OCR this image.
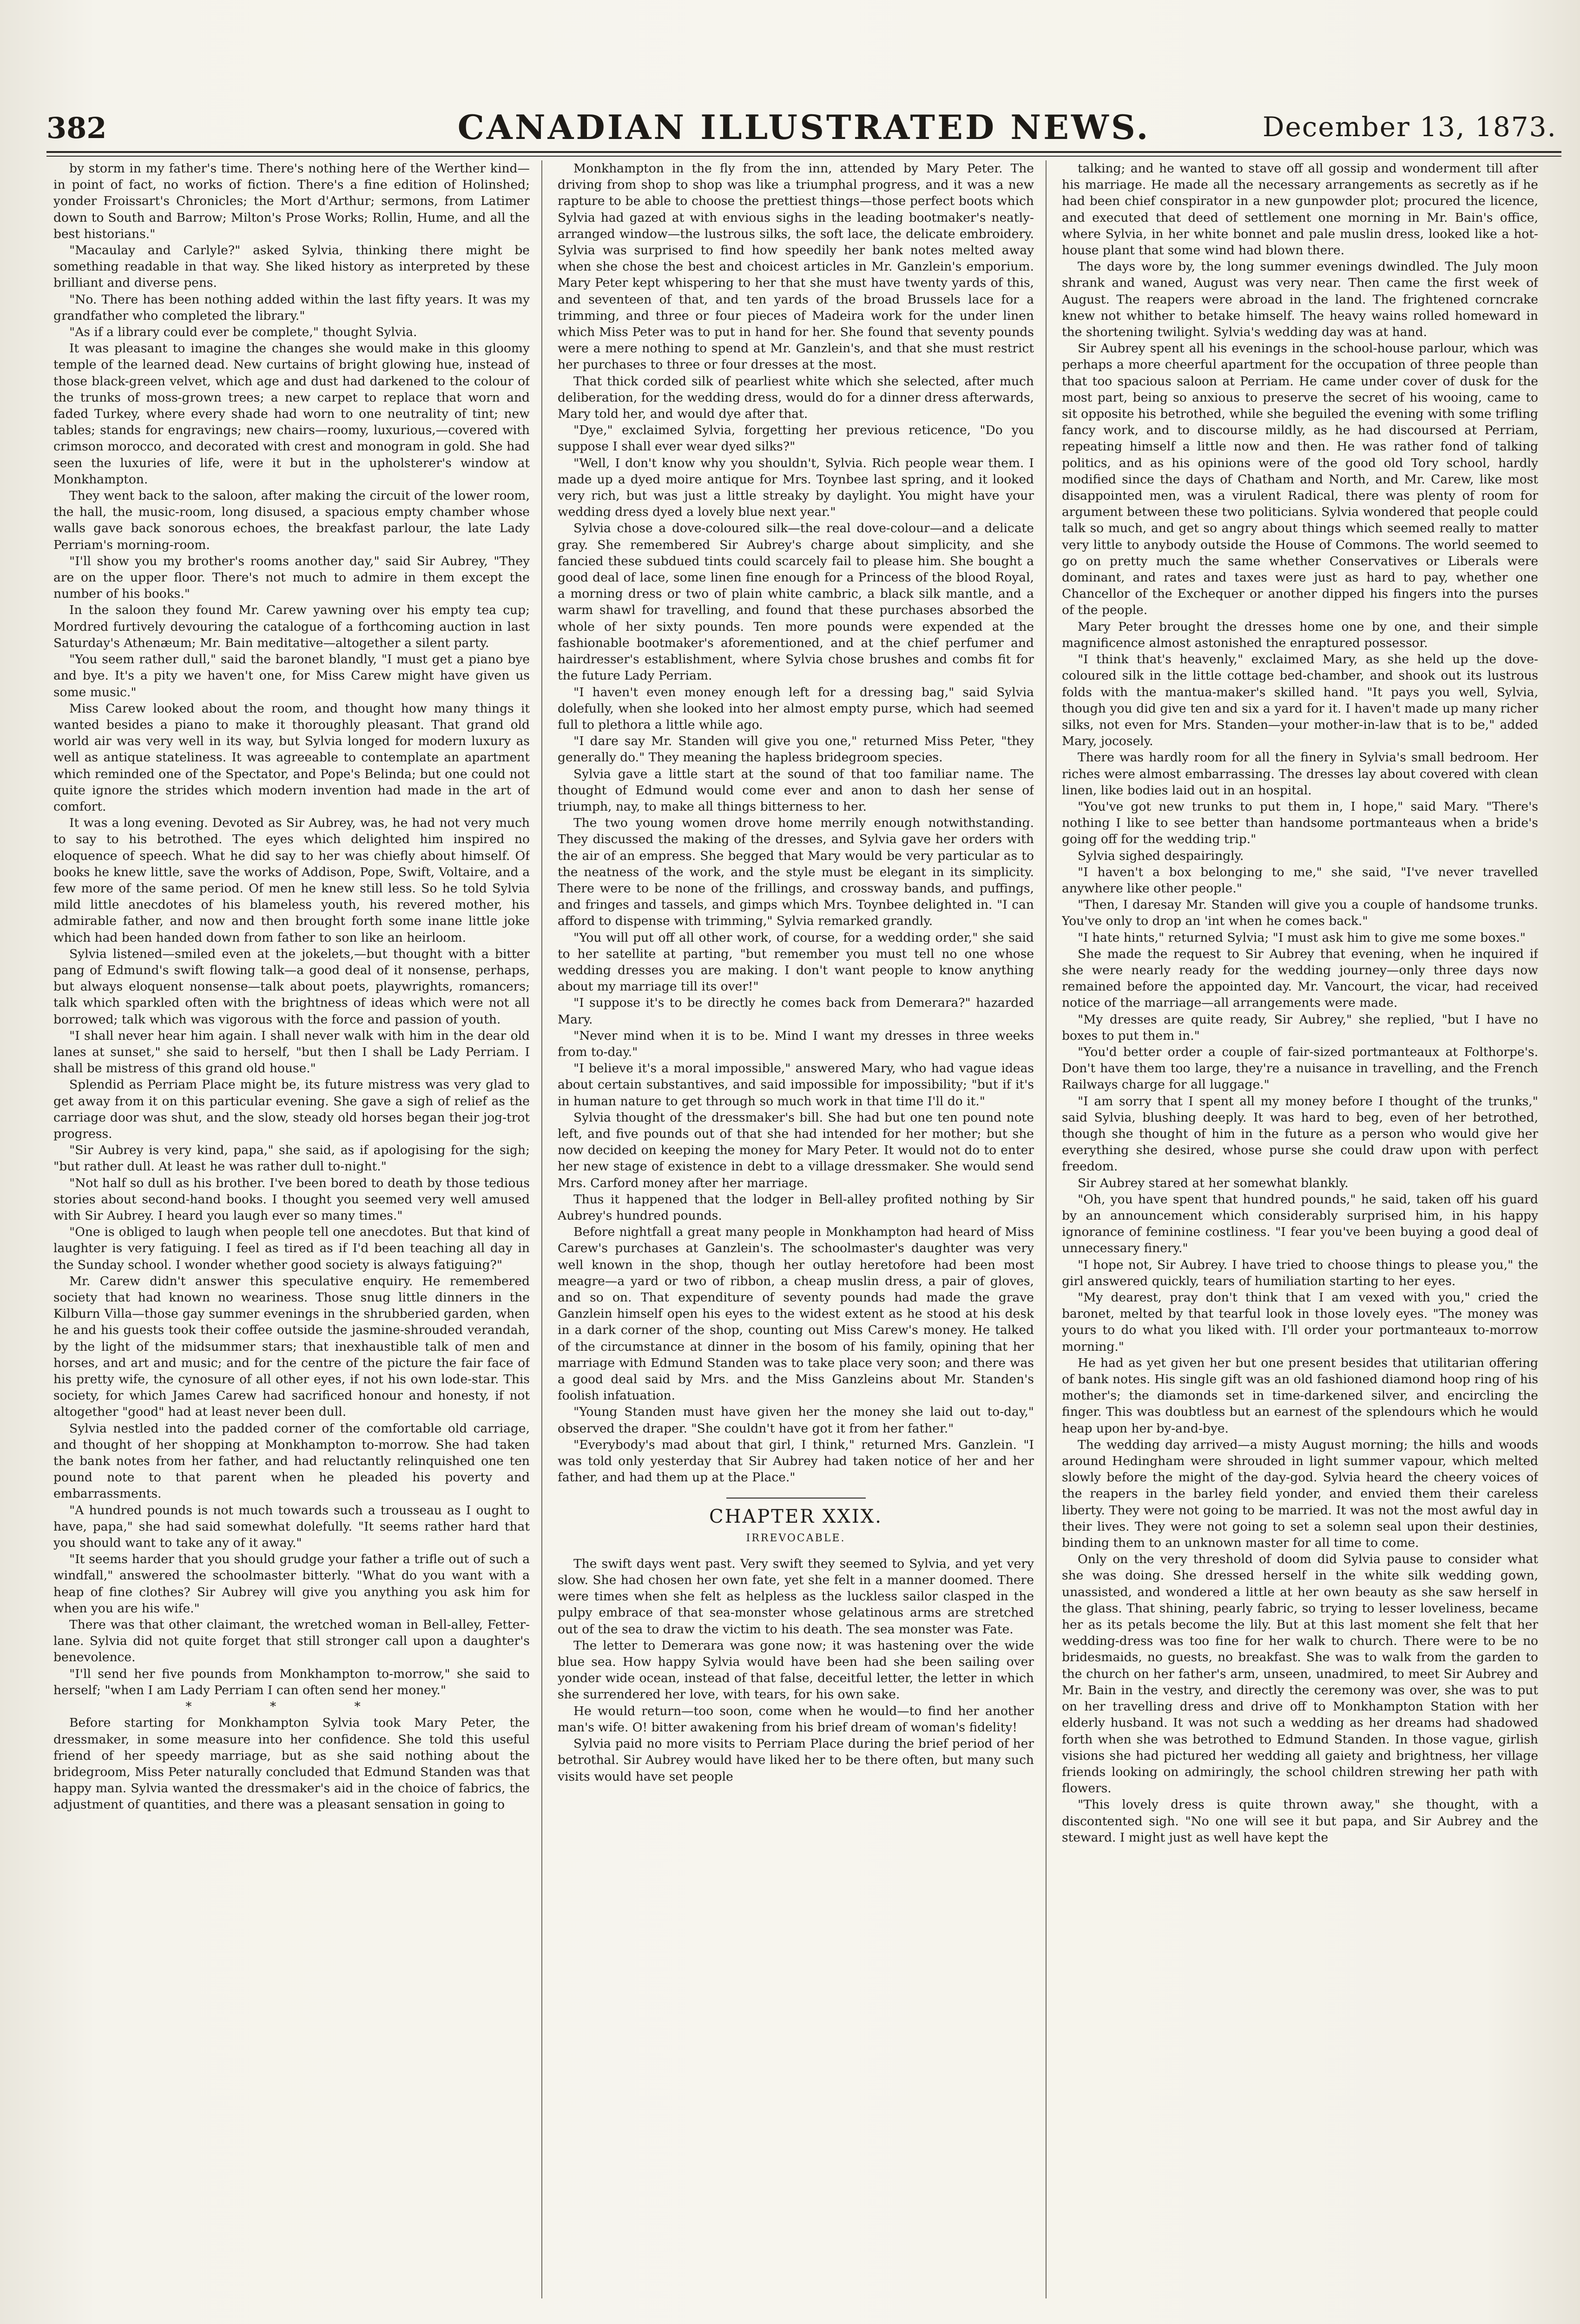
382	CANADIAN ILLUSTRATED NEWS.	December 13, 1873.

by storm in my father's time. There's nothing here of the Werther kind—in point of fact, no works of fiction. There's a fine edition of Holinshed; yonder Froissart's Chronicles; the Mort d'Arthur; sermons, from Latimer down to South and Barrow; Milton's Prose Works; Rollin, Hume, and all the best historians."

"Macaulay and Carlyle?" asked Sylvia, thinking there might be something readable in that way. She liked history as interpreted by these brilliant and diverse pens.

"No. There has been nothing added within the last fifty years. It was my grandfather who completed the library."

"As if a library could ever be complete," thought Sylvia.

It was pleasant to imagine the changes she would make in this gloomy temple of the learned dead. New curtains of bright glowing hue, instead of those black-green velvet, which age and dust had darkened to the colour of the trunks of moss-grown trees; a new carpet to replace that worn and faded Turkey, where every shade had worn to one neutrality of tint; new tables; stands for engravings; new chairs—roomy, luxurious,—covered with crimson morocco, and decorated with crest and monogram in gold. She had seen the luxuries of life, were it but in the upholsterer's window at Monkhampton.

They went back to the saloon, after making the circuit of the lower room, the hall, the music-room, long disused, a spacious empty chamber whose walls gave back sonorous echoes, the breakfast parlour, the late Lady Perriam's morning-room.

"I'll show you my brother's rooms another day," said Sir Aubrey, "They are on the upper floor. There's not much to admire in them except the number of his books."

In the saloon they found Mr. Carew yawning over his empty tea cup; Mordred furtively devouring the catalogue of a forthcoming auction in last Saturday's Athenæum; Mr. Bain meditative—altogether a silent party.

"You seem rather dull," said the baronet blandly, "I must get a piano bye and bye. It's a pity we haven't one, for Miss Carew might have given us some music."

Miss Carew looked about the room, and thought how many things it wanted besides a piano to make it thoroughly pleasant. That grand old world air was very well in its way, but Sylvia longed for modern luxury as well as antique stateliness. It was agreeable to contemplate an apartment which reminded one of the Spectator, and Pope's Belinda; but one could not quite ignore the strides which modern invention had made in the art of comfort.

It was a long evening. Devoted as Sir Aubrey, was, he had not very much to say to his betrothed. The eyes which delighted him inspired no eloquence of speech. What he did say to her was chiefly about himself. Of books he knew little, save the works of Addison, Pope, Swift, Voltaire, and a few more of the same period. Of men he knew still less. So he told Sylvia mild little anecdotes of his blameless youth, his revered mother, his admirable father, and now and then brought forth some inane little joke which had been handed down from father to son like an heirloom.

Sylvia listened—smiled even at the jokelets,—but thought with a bitter pang of Edmund's swift flowing talk—a good deal of it nonsense, perhaps, but always eloquent nonsense—talk about poets, playwrights, romancers; talk which sparkled often with the brightness of ideas which were not all borrowed; talk which was vigorous with the force and passion of youth.

"I shall never hear him again. I shall never walk with him in the dear old lanes at sunset," she said to herself, "but then I shall be Lady Perriam. I shall be mistress of this grand old house."

Splendid as Perriam Place might be, its future mistress was very glad to get away from it on this particular evening. She gave a sigh of relief as the carriage door was shut, and the slow, steady old horses began their jog-trot progress.

"Sir Aubrey is very kind, papa," she said, as if apologising for the sigh; "but rather dull. At least he was rather dull to-night."

"Not half so dull as his brother. I've been bored to death by those tedious stories about second-hand books. I thought you seemed very well amused with Sir Aubrey. I heard you laugh ever so many times."

"One is obliged to laugh when people tell one anecdotes. But that kind of laughter is very fatiguing. I feel as tired as if I'd been teaching all day in the Sunday school. I wonder whether good society is always fatiguing?"

Mr. Carew didn't answer this speculative enquiry. He remembered society that had known no weariness. Those snug little dinners in the Kilburn Villa—those gay summer evenings in the shrubberied garden, when he and his guests took their coffee outside the jasmine-shrouded verandah, by the light of the midsummer stars; that inexhaustible talk of men and horses, and art and music; and for the centre of the picture the fair face of his pretty wife, the cynosure of all other eyes, if not his own lode-star. This society, for which James Carew had sacrificed honour and honesty, if not altogether "good" had at least never been dull.

Sylvia nestled into the padded corner of the comfortable old carriage, and thought of her shopping at Monkhampton to-morrow. She had taken the bank notes from her father, and had reluctantly relinquished one ten pound note to that parent when he pleaded his poverty and embarrassments.

"A hundred pounds is not much towards such a trousseau as I ought to have, papa," she had said somewhat dolefully. "It seems rather hard that you should want to take any of it away."

"It seems harder that you should grudge your father a trifle out of such a windfall," answered the schoolmaster bitterly. "What do you want with a heap of fine clothes? Sir Aubrey will give you anything you ask him for when you are his wife."

There was that other claimant, the wretched woman in Bell-alley, Fetter-lane. Sylvia did not quite forget that still stronger call upon a daughter's benevolence.

"I'll send her five pounds from Monkhampton to-morrow," she said to herself; "when I am Lady Perriam I can often send her money."

* * *

Before starting for Monkhampton Sylvia took Mary Peter, the dressmaker, in some measure into her confidence. She told this useful friend of her speedy marriage, but as she said nothing about the bridegroom, Miss Peter naturally concluded that Edmund Standen was that happy man. Sylvia wanted the dressmaker's aid in the choice of fabrics, the adjustment of quantities, and there was a pleasant sensation in going to

Monkhampton in the fly from the inn, attended by Mary Peter. The driving from shop to shop was like a triumphal progress, and it was a new rapture to be able to choose the prettiest things—those perfect boots which Sylvia had gazed at with envious sighs in the leading bootmaker's neatly-arranged window—the lustrous silks, the soft lace, the delicate embroidery. Sylvia was surprised to find how speedily her bank notes melted away when she chose the best and choicest articles in Mr. Ganzlein's emporium. Mary Peter kept whispering to her that she must have twenty yards of this, and seventeen of that, and ten yards of the broad Brussels lace for a trimming, and three or four pieces of Madeira work for the under linen which Miss Peter was to put in hand for her. She found that seventy pounds were a mere nothing to spend at Mr. Ganzlein's, and that she must restrict her purchases to three or four dresses at the most.

That thick corded silk of pearliest white which she selected, after much deliberation, for the wedding dress, would do for a dinner dress afterwards, Mary told her, and would dye after that.

"Dye," exclaimed Sylvia, forgetting her previous reticence, "Do you suppose I shall ever wear dyed silks?"

"Well, I don't know why you shouldn't, Sylvia. Rich people wear them. I made up a dyed moire antique for Mrs. Toynbee last spring, and it looked very rich, but was just a little streaky by daylight. You might have your wedding dress dyed a lovely blue next year."

Sylvia chose a dove-coloured silk—the real dove-colour—and a delicate gray. She remembered Sir Aubrey's charge about simplicity, and she fancied these subdued tints could scarcely fail to please him. She bought a good deal of lace, some linen fine enough for a Princess of the blood Royal, a morning dress or two of plain white cambric, a black silk mantle, and a warm shawl for travelling, and found that these purchases absorbed the whole of her sixty pounds. Ten more pounds were expended at the fashionable bootmaker's aforementioned, and at the chief perfumer and hairdresser's establishment, where Sylvia chose brushes and combs fit for the future Lady Perriam.

"I haven't even money enough left for a dressing bag," said Sylvia dolefully, when she looked into her almost empty purse, which had seemed full to plethora a little while ago.

"I dare say Mr. Standen will give you one," returned Miss Peter, "they generally do." They meaning the hapless bridegroom species.

Sylvia gave a little start at the sound of that too familiar name. The thought of Edmund would come ever and anon to dash her sense of triumph, nay, to make all things bitterness to her.

The two young women drove home merrily enough notwithstanding. They discussed the making of the dresses, and Sylvia gave her orders with the air of an empress. She begged that Mary would be very particular as to the neatness of the work, and the style must be elegant in its simplicity. There were to be none of the frillings, and crossway bands, and puffings, and fringes and tassels, and gimps which Mrs. Toynbee delighted in. "I can afford to dispense with trimming," Sylvia remarked grandly.

"You will put off all other work, of course, for a wedding order," she said to her satellite at parting, "but remember you must tell no one whose wedding dresses you are making. I don't want people to know anything about my marriage till its over!"

"I suppose it's to be directly he comes back from Demerara?" hazarded Mary.

"Never mind when it is to be. Mind I want my dresses in three weeks from to-day."

"I believe it's a moral impossible," answered Mary, who had vague ideas about certain substantives, and said impossible for impossibility; "but if it's in human nature to get through so much work in that time I'll do it."

Sylvia thought of the dressmaker's bill. She had but one ten pound note left, and five pounds out of that she had intended for her mother; but she now decided on keeping the money for Mary Peter. It would not do to enter her new stage of existence in debt to a village dressmaker. She would send Mrs. Carford money after her marriage.

Thus it happened that the lodger in Bell-alley profited nothing by Sir Aubrey's hundred pounds.

Before nightfall a great many people in Monkhampton had heard of Miss Carew's purchases at Ganzlein's. The schoolmaster's daughter was very well known in the shop, though her outlay heretofore had been most meagre—a yard or two of ribbon, a cheap muslin dress, a pair of gloves, and so on. That expenditure of seventy pounds had made the grave Ganzlein himself open his eyes to the widest extent as he stood at his desk in a dark corner of the shop, counting out Miss Carew's money. He talked of the circumstance at dinner in the bosom of his family, opining that her marriage with Edmund Standen was to take place very soon; and there was a good deal said by Mrs. and the Miss Ganzleins about Mr. Standen's foolish infatuation.

"Young Standen must have given her the money she laid out to-day," observed the draper. "She couldn't have got it from her father."

"Everybody's mad about that girl, I think," returned Mrs. Ganzlein. "I was told only yesterday that Sir Aubrey had taken notice of her and her father, and had them up at the Place."

CHAPTER XXIX.

IRREVOCABLE.

The swift days went past. Very swift they seemed to Sylvia, and yet very slow. She had chosen her own fate, yet she felt in a manner doomed. There were times when she felt as helpless as the luckless sailor clasped in the pulpy embrace of that sea-monster whose gelatinous arms are stretched out of the sea to draw the victim to his death. The sea monster was Fate.

The letter to Demerara was gone now; it was hastening over the wide blue sea. How happy Sylvia would have been had she been sailing over yonder wide ocean, instead of that false, deceitful letter, the letter in which she surrendered her love, with tears, for his own sake.

He would return—too soon, come when he would—to find her another man's wife. O! bitter awakening from his brief dream of woman's fidelity!

Sylvia paid no more visits to Perriam Place during the brief period of her betrothal. Sir Aubrey would have liked her to be there often, but many such visits would have set people

talking; and he wanted to stave off all gossip and wonderment till after his marriage. He made all the necessary arrangements as secretly as if he had been chief conspirator in a new gunpowder plot; procured the licence, and executed that deed of settlement one morning in Mr. Bain's office, where Sylvia, in her white bonnet and pale muslin dress, looked like a hot-house plant that some wind had blown there.

The days wore by, the long summer evenings dwindled. The July moon shrank and waned, August was very near. Then came the first week of August. The reapers were abroad in the land. The frightened corncrake knew not whither to betake himself. The heavy wains rolled homeward in the shortening twilight. Sylvia's wedding day was at hand.

Sir Aubrey spent all his evenings in the school-house parlour, which was perhaps a more cheerful apartment for the occupation of three people than that too spacious saloon at Perriam. He came under cover of dusk for the most part, being so anxious to preserve the secret of his wooing, came to sit opposite his betrothed, while she beguiled the evening with some trifling fancy work, and to discourse mildly, as he had discoursed at Perriam, repeating himself a little now and then. He was rather fond of talking politics, and as his opinions were of the good old Tory school, hardly modified since the days of Chatham and North, and Mr. Carew, like most disappointed men, was a virulent Radical, there was plenty of room for argument between these two politicians. Sylvia wondered that people could talk so much, and get so angry about things which seemed really to matter very little to anybody outside the House of Commons. The world seemed to go on pretty much the same whether Conservatives or Liberals were dominant, and rates and taxes were just as hard to pay, whether one Chancellor of the Exchequer or another dipped his fingers into the purses of the people.

Mary Peter brought the dresses home one by one, and their simple magnificence almost astonished the enraptured possessor.

"I think that's heavenly," exclaimed Mary, as she held up the dove-coloured silk in the little cottage bed-chamber, and shook out its lustrous folds with the mantua-maker's skilled hand. "It pays you well, Sylvia, though you did give ten and six a yard for it. I haven't made up many richer silks, not even for Mrs. Standen—your mother-in-law that is to be," added Mary, jocosely.

There was hardly room for all the finery in Sylvia's small bedroom. Her riches were almost embarrassing. The dresses lay about covered with clean linen, like bodies laid out in an hospital.

"You've got new trunks to put them in, I hope," said Mary. "There's nothing I like to see better than handsome portmanteaus when a bride's going off for the wedding trip."

Sylvia sighed despairingly.

"I haven't a box belonging to me," she said, "I've never travelled anywhere like other people."

"Then, I daresay Mr. Standen will give you a couple of handsome trunks. You've only to drop an 'int when he comes back."

"I hate hints," returned Sylvia; "I must ask him to give me some boxes."

She made the request to Sir Aubrey that evening, when he inquired if she were nearly ready for the wedding journey—only three days now remained before the appointed day. Mr. Vancourt, the vicar, had received notice of the marriage—all arrangements were made.

"My dresses are quite ready, Sir Aubrey," she replied, "but I have no boxes to put them in."

"You'd better order a couple of fair-sized portmanteaux at Folthorpe's. Don't have them too large, they're a nuisance in travelling, and the French Railways charge for all luggage."

"I am sorry that I spent all my money before I thought of the trunks," said Sylvia, blushing deeply. It was hard to beg, even of her betrothed, though she thought of him in the future as a person who would give her everything she desired, whose purse she could draw upon with perfect freedom.

Sir Aubrey stared at her somewhat blankly.

"Oh, you have spent that hundred pounds," he said, taken off his guard by an announcement which considerably surprised him, in his happy ignorance of feminine costliness. "I fear you've been buying a good deal of unnecessary finery."

"I hope not, Sir Aubrey. I have tried to choose things to please you," the girl answered quickly, tears of humiliation starting to her eyes.

"My dearest, pray don't think that I am vexed with you," cried the baronet, melted by that tearful look in those lovely eyes. "The money was yours to do what you liked with. I'll order your portmanteaux to-morrow morning."

He had as yet given her but one present besides that utilitarian offering of bank notes. His single gift was an old fashioned diamond hoop ring of his mother's; the diamonds set in time-darkened silver, and encircling the finger. This was doubtless but an earnest of the splendours which he would heap upon her by-and-bye.

The wedding day arrived—a misty August morning; the hills and woods around Hedingham were shrouded in light summer vapour, which melted slowly before the might of the day-god. Sylvia heard the cheery voices of the reapers in the barley field yonder, and envied them their careless liberty. They were not going to be married. It was not the most awful day in their lives. They were not going to set a solemn seal upon their destinies, binding them to an unknown master for all time to come.

Only on the very threshold of doom did Sylvia pause to consider what she was doing. She dressed herself in the white silk wedding gown, unassisted, and wondered a little at her own beauty as she saw herself in the glass. That shining, pearly fabric, so trying to lesser loveliness, became her as its petals become the lily. But at this last moment she felt that her wedding-dress was too fine for her walk to church. There were to be no bridesmaids, no guests, no breakfast. She was to walk from the garden to the church on her father's arm, unseen, unadmired, to meet Sir Aubrey and Mr. Bain in the vestry, and directly the ceremony was over, she was to put on her travelling dress and drive off to Monkhampton Station with her elderly husband. It was not such a wedding as her dreams had shadowed forth when she was betrothed to Edmund Standen. In those vague, girlish visions she had pictured her wedding all gaiety and brightness, her village friends looking on admiringly, the school children strewing her path with flowers.

"This lovely dress is quite thrown away," she thought, with a discontented sigh. "No one will see it but papa, and Sir Aubrey and the steward. I might just as well have kept the
